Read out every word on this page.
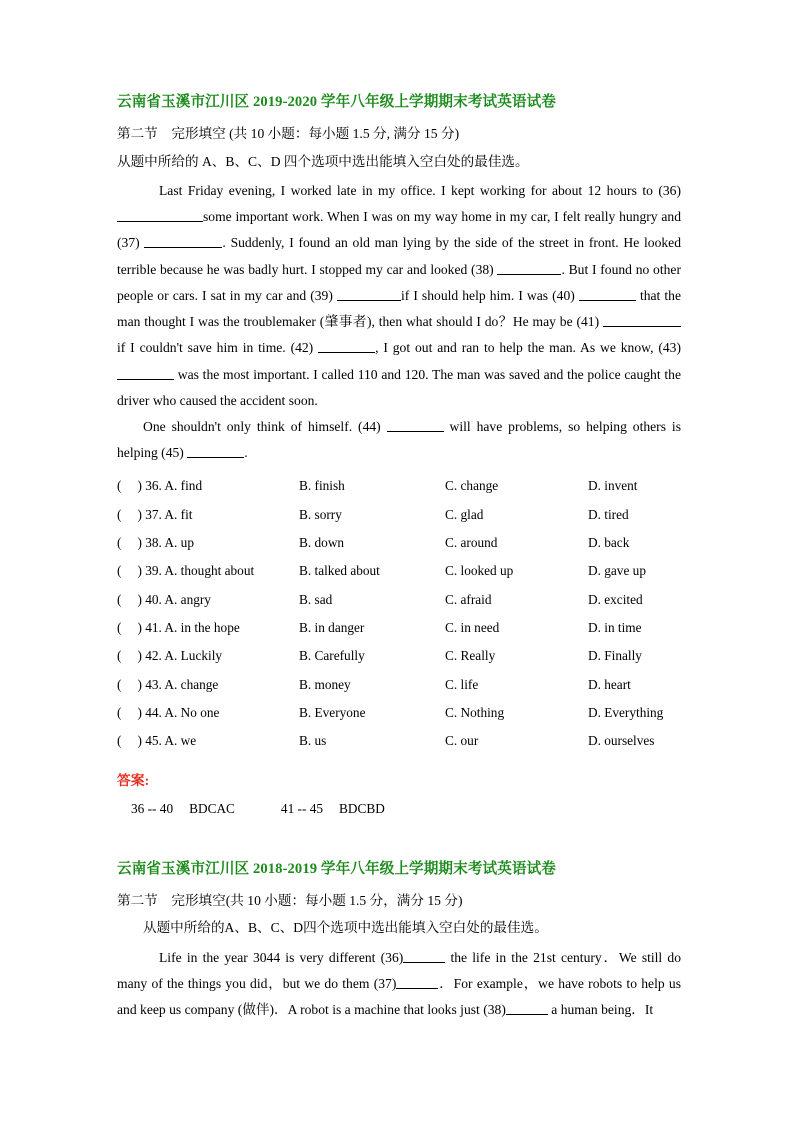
云南省玉溪市江川区 2019-2020 学年八年级上学期期末考试英语试卷

第二节　完形填空 (共 10 小题：每小题 1.5 分, 满分 15 分)

从题中所给的 A、B、C、D 四个选项中选出能填入空白处的最佳选。

Last Friday evening, I worked late in my office. I kept working for about 12 hours to (36)some important work. When I was on my way home in my car, I felt really hungry and (37)	. Suddenly, I found an old man lying by the side of the street in front. He looked terrible because he was badly hurt. I stopped my car and looked (38)	. But I found no other people or cars. I sat in my car and (39)	if I should help him. I was (40)	that the man thought I was the troublemaker (肇事者), then what should I do？He may be (41)  if I couldn't save him in time. (42)	, I got out and ran to help the man. As we know, (43)  was the most important. I called 110 and 120. The man was saved and the police caught the driver who caused the accident soon.

One shouldn't only think of himself. (44)	will have problems, so helping others is helping (45)	.

( ) 36. A. find	B. finish	C. change	D. invent
( ) 37. A. fit	B. sorry	C. glad	D. tired
( ) 38. A. up	B. down	C. around	D. back
( ) 39. A. thought about	B. talked about	C. looked up	D. gave up
( ) 40. A. angry	B. sad	C. afraid	D. excited
( ) 41. A. in the hope	B. in danger	C. in need	D. in time
( ) 42. A. Luckily	B. Carefully	C. Really	D. Finally
( ) 43. A. change	B. money	C. life	D. heart
( ) 44. A. No one	B. Everyone	C. Nothing	D. Everything
( ) 45. A. we	B. us	C. our	D. ourselves

答案:

36 -- 40 BDCAC	41 -- 45 BDCBD

云南省玉溪市江川区 2018-2019 学年八年级上学期期末考试英语试卷

第二节　完形填空(共 10 小题：每小题 1.5 分，满分 15 分)

从题中所给的A、B、C、D四个选项中选出能填入空白处的最佳选。

Life in the year 3044 is very different (36)	the life in the 21st century．We still do many of the things you did，but we do them (37)	．For example，we have robots to help us and keep us company (做伴)．A robot is a machine that looks just (38)	a human being．It
